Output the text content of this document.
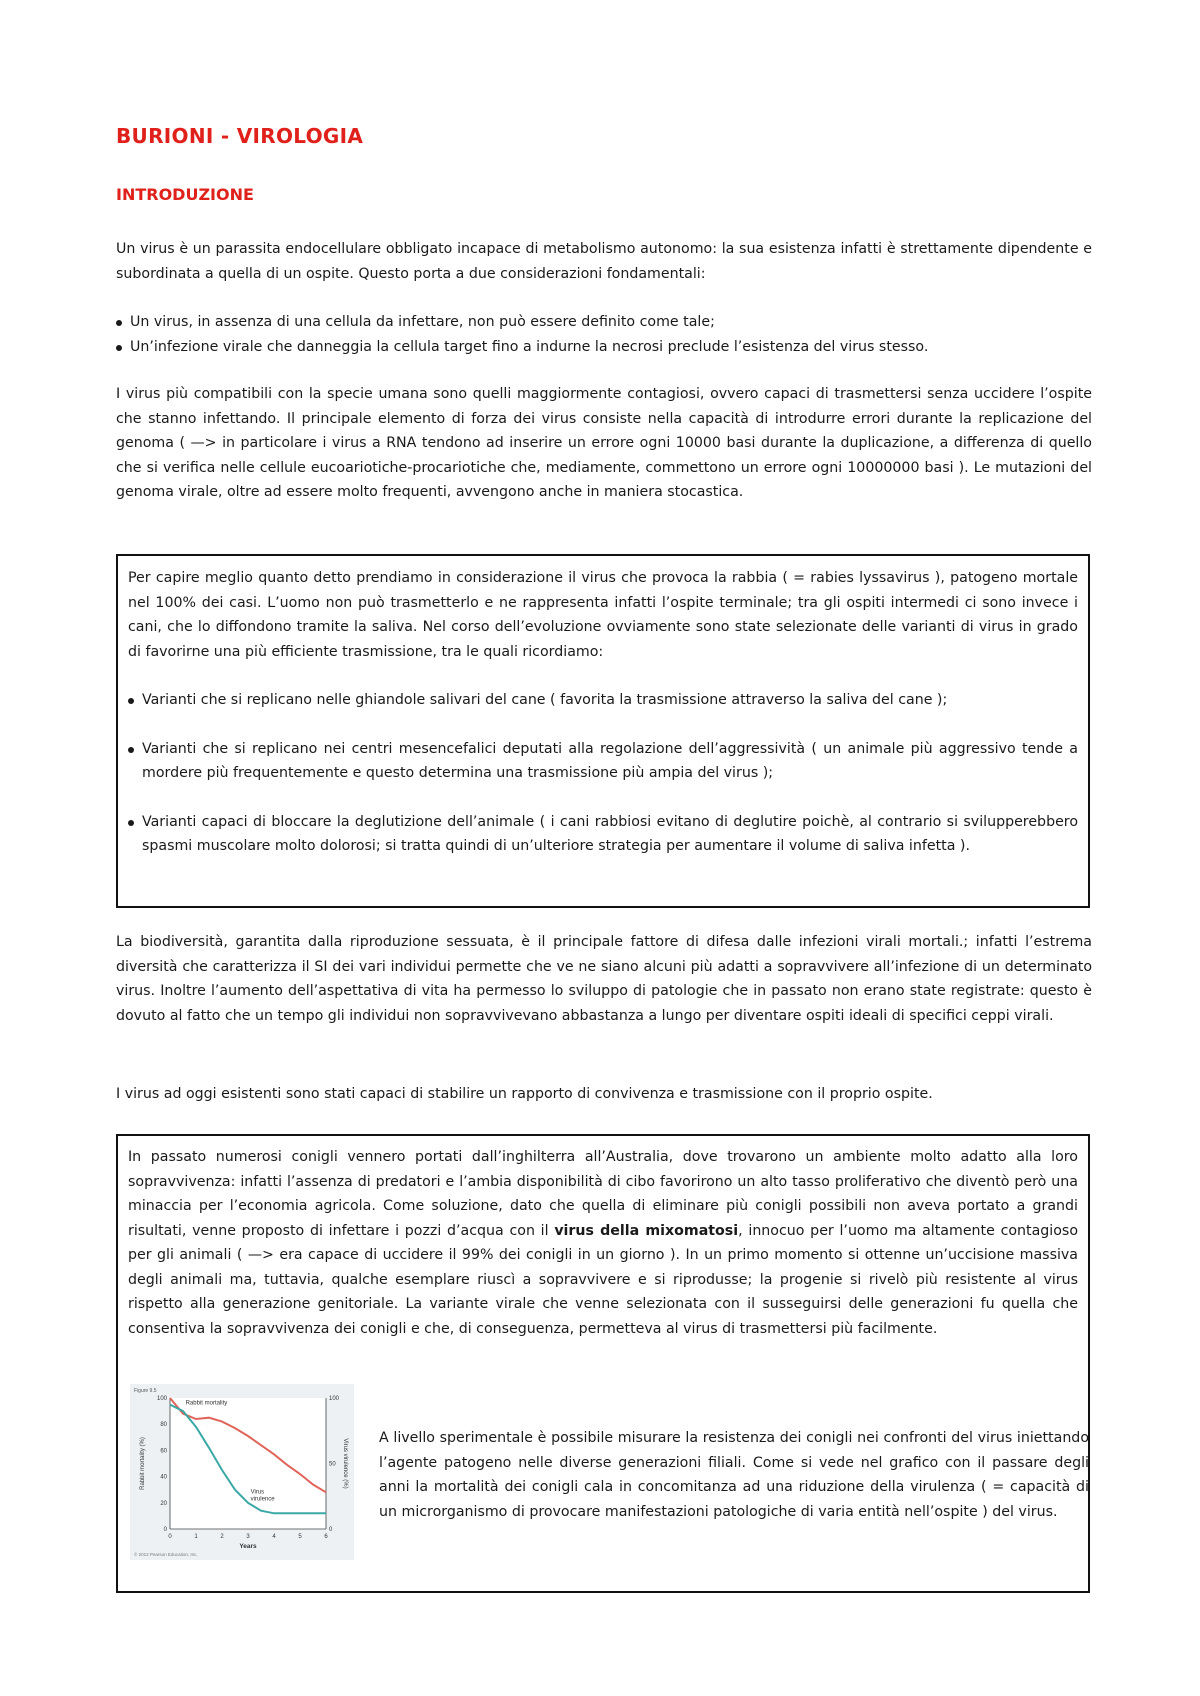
BURIONI - VIROLOGIA
INTRODUZIONE

Un virus è un parassita endocellulare obbligato incapace di metabolismo autonomo: la sua esistenza infatti è strettamente dipendente e subordinata a quella di un ospite. Questo porta a due considerazioni fondamentali:

Un virus, in assenza di una cellula da infettare, non può essere definito come tale;
Un’infezione virale che danneggia la cellula target fino a indurne la necrosi preclude l’esistenza del virus stesso.

I virus più compatibili con la specie umana sono quelli maggiormente contagiosi, ovvero capaci di trasmettersi senza uccidere l’ospite che stanno infettando. Il principale elemento di forza dei virus consiste nella capacità di introdurre errori durante la replicazione del genoma ( —> in particolare i virus a RNA tendono ad inserire un errore ogni 10000 basi durante la duplicazione, a differenza di quello che si verifica nelle cellule eucoariotiche-procariotiche che, mediamente, commettono un errore ogni 10000000 basi ). Le mutazioni del genoma virale, oltre ad essere molto frequenti, avvengono anche in maniera stocastica.

Per capire meglio quanto detto prendiamo in considerazione il virus che provoca la rabbia ( = rabies lyssavirus ), patogeno mortale nel 100% dei casi. L’uomo non può trasmetterlo e ne rappresenta infatti l’ospite terminale; tra gli ospiti intermedi ci sono invece i cani, che lo diffondono tramite la saliva. Nel corso dell’evoluzione ovviamente sono state selezionate delle varianti di virus in grado di favorirne una più efficiente trasmissione, tra le quali ricordiamo:

Varianti che si replicano nelle ghiandole salivari del cane ( favorita la trasmissione attraverso la saliva del cane );
Varianti che si replicano nei centri mesencefalici deputati alla regolazione dell’aggressività ( un animale più aggressivo tende a mordere più frequentemente e questo determina una trasmissione più ampia del virus );
Varianti capaci di bloccare la deglutizione dell’animale ( i cani rabbiosi evitano di deglutire poichè, al contrario si svilupperebbero spasmi muscolare molto dolorosi; si tratta quindi di un’ulteriore strategia per aumentare il volume di saliva infetta ).

La biodiversità, garantita dalla riproduzione sessuata, è il principale fattore di difesa dalle infezioni virali mortali.; infatti l’estrema diversità che caratterizza il SI dei vari individui permette che ve ne siano alcuni più adatti a sopravvivere all’infezione di un determinato virus. Inoltre l’aumento dell’aspettativa di vita ha permesso lo sviluppo di patologie che in passato non erano state registrate: questo è dovuto al fatto che un tempo gli individui non sopravvivevano abbastanza a lungo per diventare ospiti ideali di specifici ceppi virali.

I virus ad oggi esistenti sono stati capaci di stabilire un rapporto di convivenza e trasmissione con il proprio ospite.

In passato numerosi conigli vennero portati dall’inghilterra all’Australia, dove trovarono un ambiente molto adatto alla loro sopravvivenza: infatti l’assenza di predatori e l’ambia disponibilità di cibo favorirono un alto tasso proliferativo che diventò però una minaccia per l’economia agricola. Come soluzione, dato che quella di eliminare più conigli possibili non aveva portato a grandi risultati, venne proposto di infettare i pozzi d’acqua con il virus della mixomatosi, innocuo per l’uomo ma altamente contagioso per gli animali ( —> era capace di uccidere il 99% dei conigli in un giorno ). In un primo momento si ottenne un’uccisione massiva degli animali ma, tuttavia, qualche esemplare riuscì a sopravvivere e si riprodusse; la progenie si rivelò più resistente al virus rispetto alla generazione genitoriale. La variante virale che venne selezionata con il susseguirsi delle generazioni fu quella che consentiva la sopravvivenza dei conigli e che, di conseguenza, permetteva al virus di trasmettersi più facilmente.

Figure 9.5
0	1	2	3	4	5	6
0
20
40
60
80
100
0
50
100
Years
Rabbit mortality (%)	Virus virulence (%)
Rabbit mortality
Virus
virulence
© 2012 Pearson Education, Inc.

A livello sperimentale è possibile misurare la resistenza dei conigli nei confronti del virus iniettando l’agente patogeno nelle diverse generazioni filiali. Come si vede nel grafico con il passare degli anni la mortalità dei conigli cala in concomitanza ad una riduzione della virulenza ( = capacità di un microrganismo di provocare manifestazioni patologiche di varia entità nell’ospite ) del virus.
